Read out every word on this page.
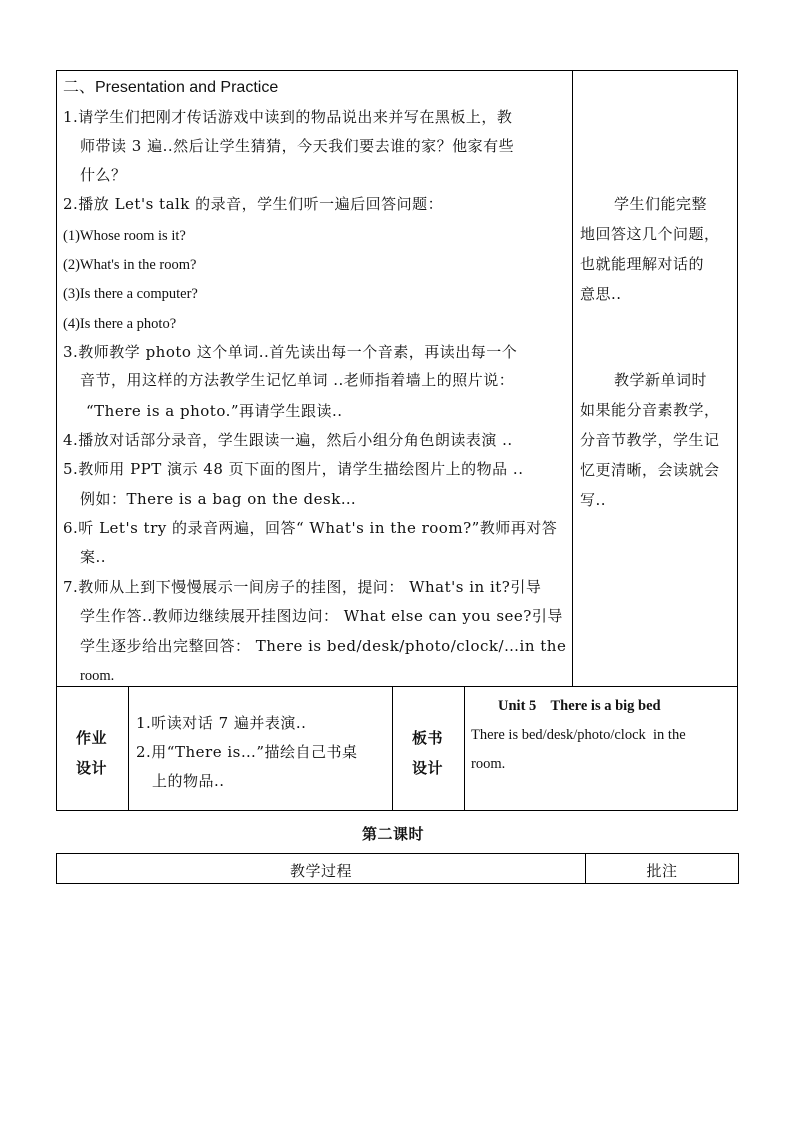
二、Presentation and Practice
1.请学生们把刚才传话游戏中读到的物品说出来并写在黑板上，教
师带读 3 遍..然后让学生猜猜，今天我们要去谁的家？他家有些
什么？
2.播放 Let's talk 的录音，学生们听一遍后回答问题：
(1)Whose room is it?
(2)What's in the room?
(3)Is there a computer?
(4)Is there a photo?
3.教师教学 photo 这个单词..首先读出每一个音素，再读出每一个
音节，用这样的方法教学生记忆单词 ..老师指着墙上的照片说：
“There is a photo.”再请学生跟读..
4.播放对话部分录音，学生跟读一遍，然后小组分角色朗读表演 ..
5.教师用 PPT 演示 48 页下面的图片，请学生描绘图片上的物品 ..
例如：There is a bag on the desk…
6.听 Let's try 的录音两遍，回答“ What's in the room?”教师再对答
案..
7.教师从上到下慢慢展示一间房子的挂图，提问： What's in it?引导
学生作答..教师边继续展开挂图边问： What else can you see?引导
学生逐步给出完整回答： There is bed/desk/photo/clock/…in the
room.
学生们能完整
地回答这几个问题，
也就能理解对话的
意思..
教学新单词时
如果能分音素教学，
分音节教学，学生记
忆更清晰，会读就会
写..
作业
设计
1.听读对话 7 遍并表演..
2.用“There is…”描绘自己书桌
上的物品..
板书
设计
Unit 5    There is a big bed
There is bed/desk/photo/clock  in the
room.
第二课时
教学过程	批注
